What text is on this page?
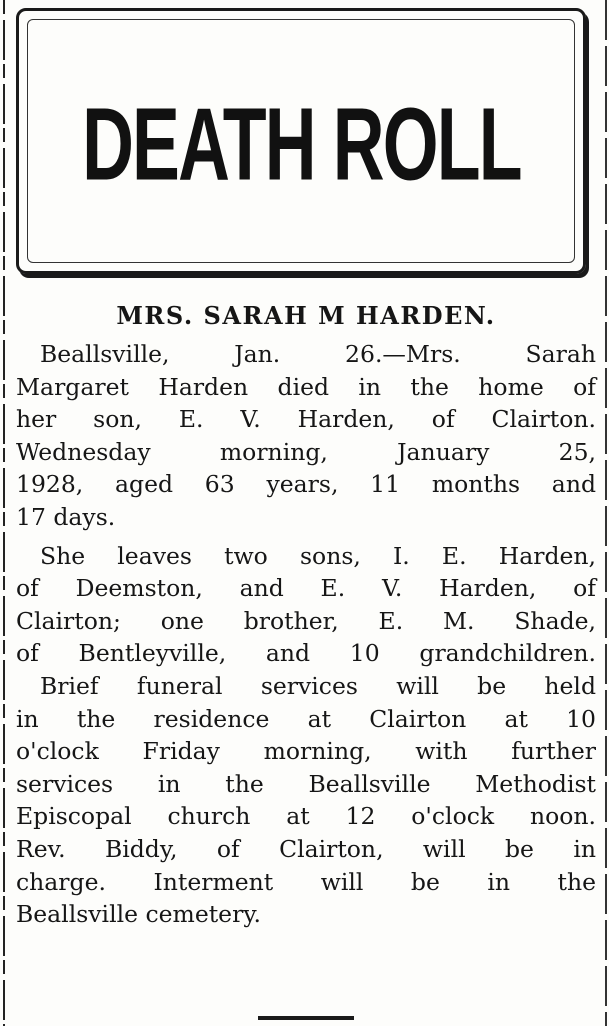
DEATH ROLL
MRS. SARAH M HARDEN.
Beallsville, Jan. 26.—Mrs. Sarah
Margaret Harden died in the home of
her son, E. V. Harden, of Clairton.
Wednesday morning, January 25,
1928, aged 63 years, 11 months and
17 days.
She leaves two sons, I. E. Harden,
of Deemston, and E. V. Harden, of
Clairton; one brother, E. M. Shade,
of Bentleyville, and 10 grandchildren.
Brief funeral services will be held
in the residence at Clairton at 10
o'clock Friday morning, with further
services in the Beallsville Methodist
Episcopal church at 12 o'clock noon.
Rev. Biddy, of Clairton, will be in
charge. Interment will be in the
Beallsville cemetery.
